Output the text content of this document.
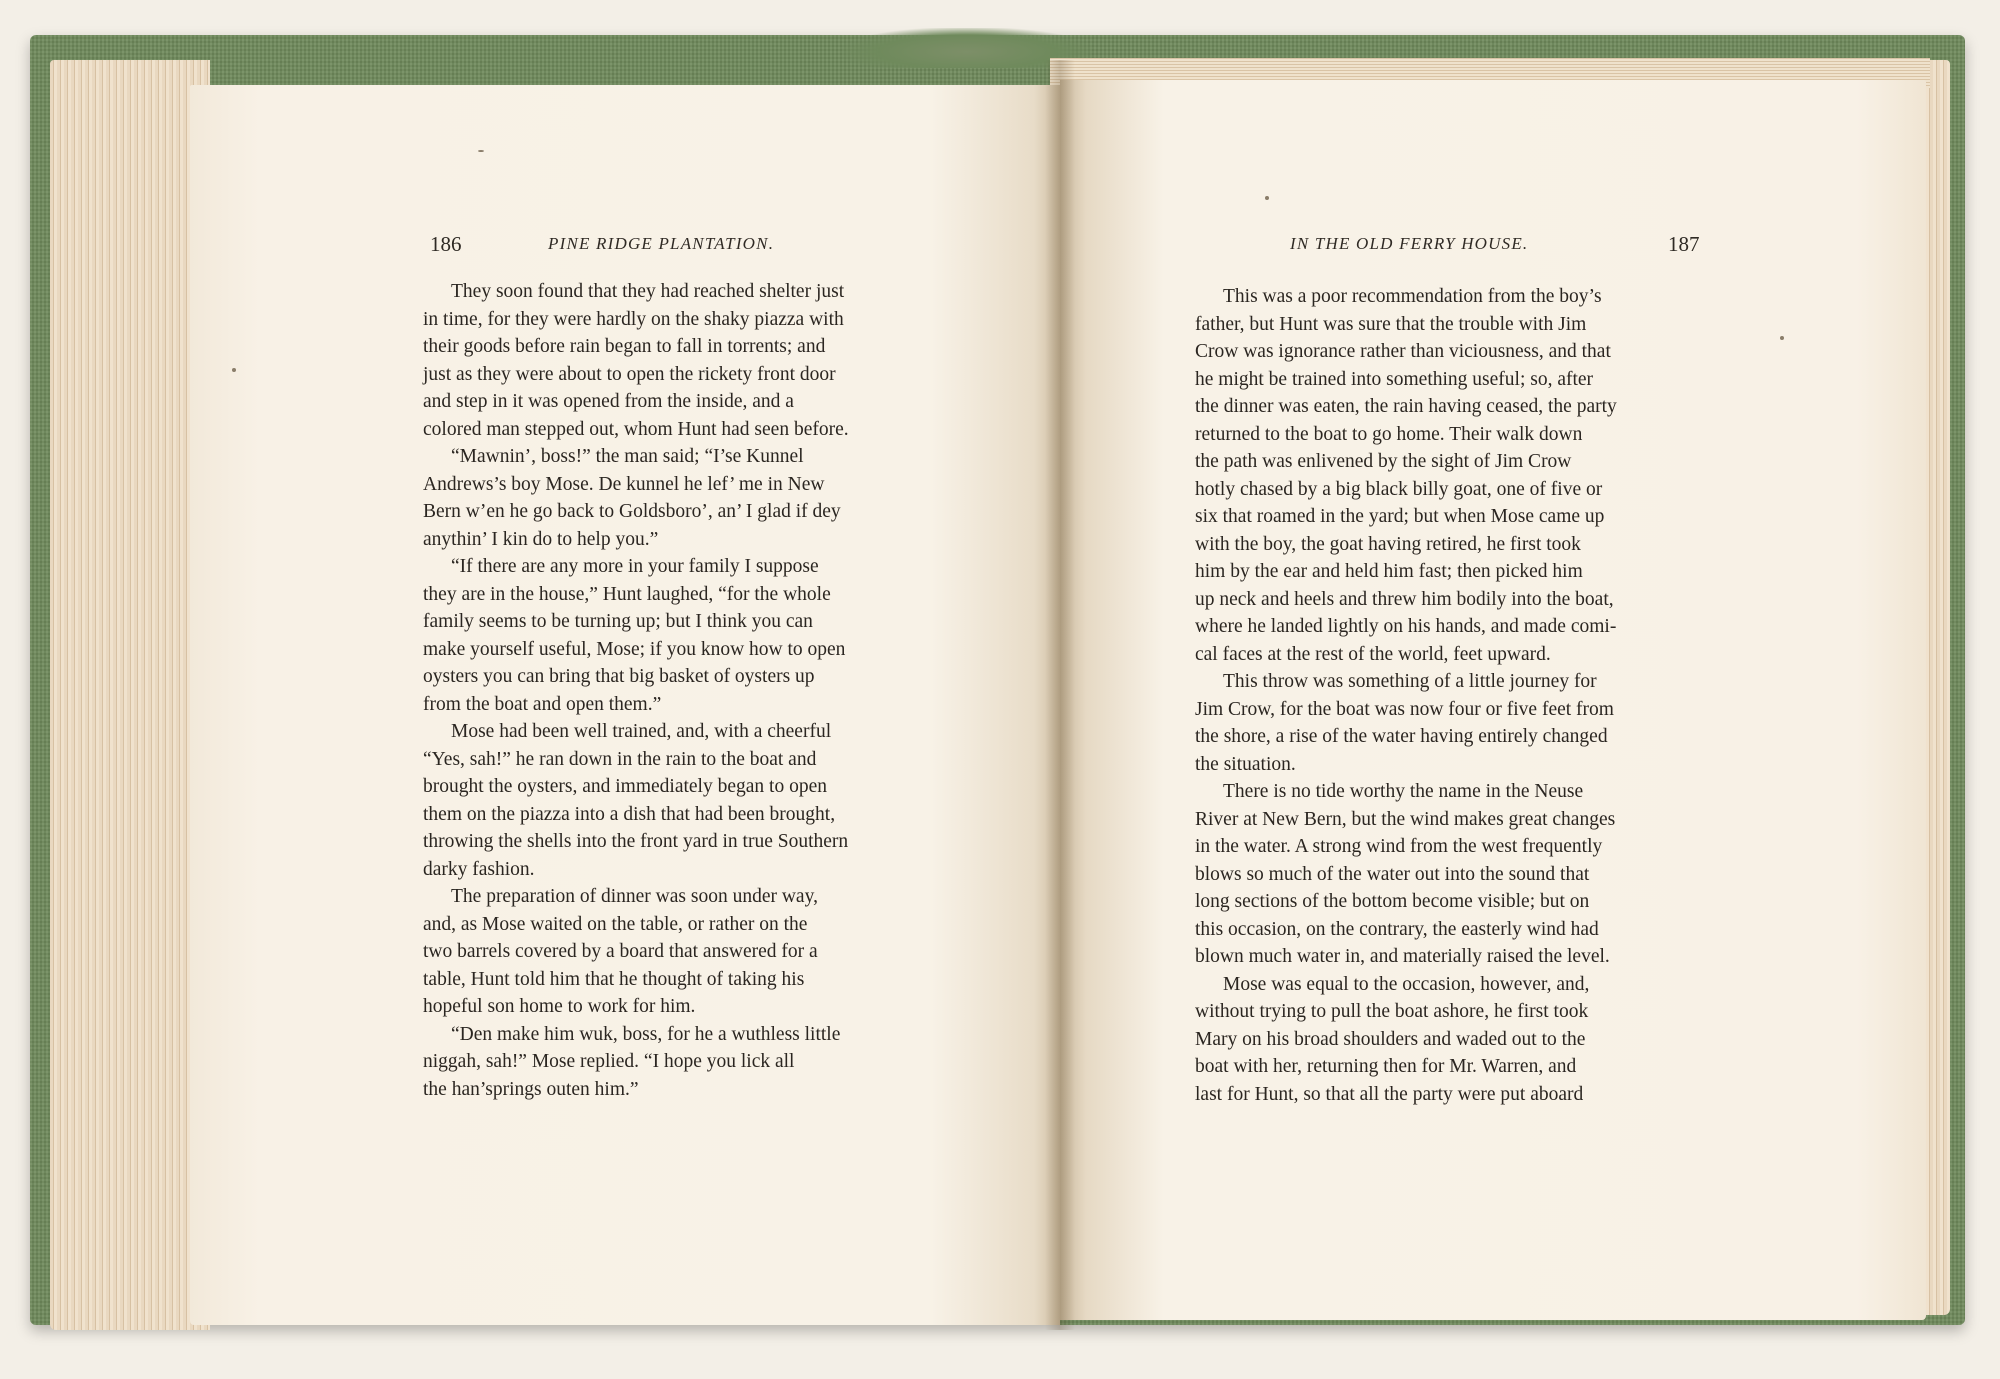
186	PINE RIDGE PLANTATION.	IN THE OLD FERRY HOUSE.	187
They soon found that they had reached shelter just
in time, for they were hardly on the shaky piazza with
their goods before rain began to fall in torrents; and
just as they were about to open the rickety front door
and step in it was opened from the inside, and a
colored man stepped out, whom Hunt had seen before.
“Mawnin’, boss!” the man said; “I’se Kunnel
Andrews’s boy Mose. De kunnel he lef’ me in New
Bern w’en he go back to Goldsboro’, an’ I glad if dey
anythin’ I kin do to help you.”
“If there are any more in your family I suppose
they are in the house,” Hunt laughed, “for the whole
family seems to be turning up; but I think you can
make yourself useful, Mose; if you know how to open
oysters you can bring that big basket of oysters up
from the boat and open them.”
Mose had been well trained, and, with a cheerful
“Yes, sah!” he ran down in the rain to the boat and
brought the oysters, and immediately began to open
them on the piazza into a dish that had been brought,
throwing the shells into the front yard in true Southern
darky fashion.
The preparation of dinner was soon under way,
and, as Mose waited on the table, or rather on the
two barrels covered by a board that answered for a
table, Hunt told him that he thought of taking his
hopeful son home to work for him.
“Den make him wuk, boss, for he a wuthless little
niggah, sah!” Mose replied. “I hope you lick all
the han’springs outen him.”
This was a poor recommendation from the boy’s
father, but Hunt was sure that the trouble with Jim
Crow was ignorance rather than viciousness, and that
he might be trained into something useful; so, after
the dinner was eaten, the rain having ceased, the party
returned to the boat to go home. Their walk down
the path was enlivened by the sight of Jim Crow
hotly chased by a big black billy goat, one of five or
six that roamed in the yard; but when Mose came up
with the boy, the goat having retired, he first took
him by the ear and held him fast; then picked him
up neck and heels and threw him bodily into the boat,
where he landed lightly on his hands, and made comi-
cal faces at the rest of the world, feet upward.
This throw was something of a little journey for
Jim Crow, for the boat was now four or five feet from
the shore, a rise of the water having entirely changed
the situation.
There is no tide worthy the name in the Neuse
River at New Bern, but the wind makes great changes
in the water. A strong wind from the west frequently
blows so much of the water out into the sound that
long sections of the bottom become visible; but on
this occasion, on the contrary, the easterly wind had
blown much water in, and materially raised the level.
Mose was equal to the occasion, however, and,
without trying to pull the boat ashore, he first took
Mary on his broad shoulders and waded out to the
boat with her, returning then for Mr. Warren, and
last for Hunt, so that all the party were put aboard
